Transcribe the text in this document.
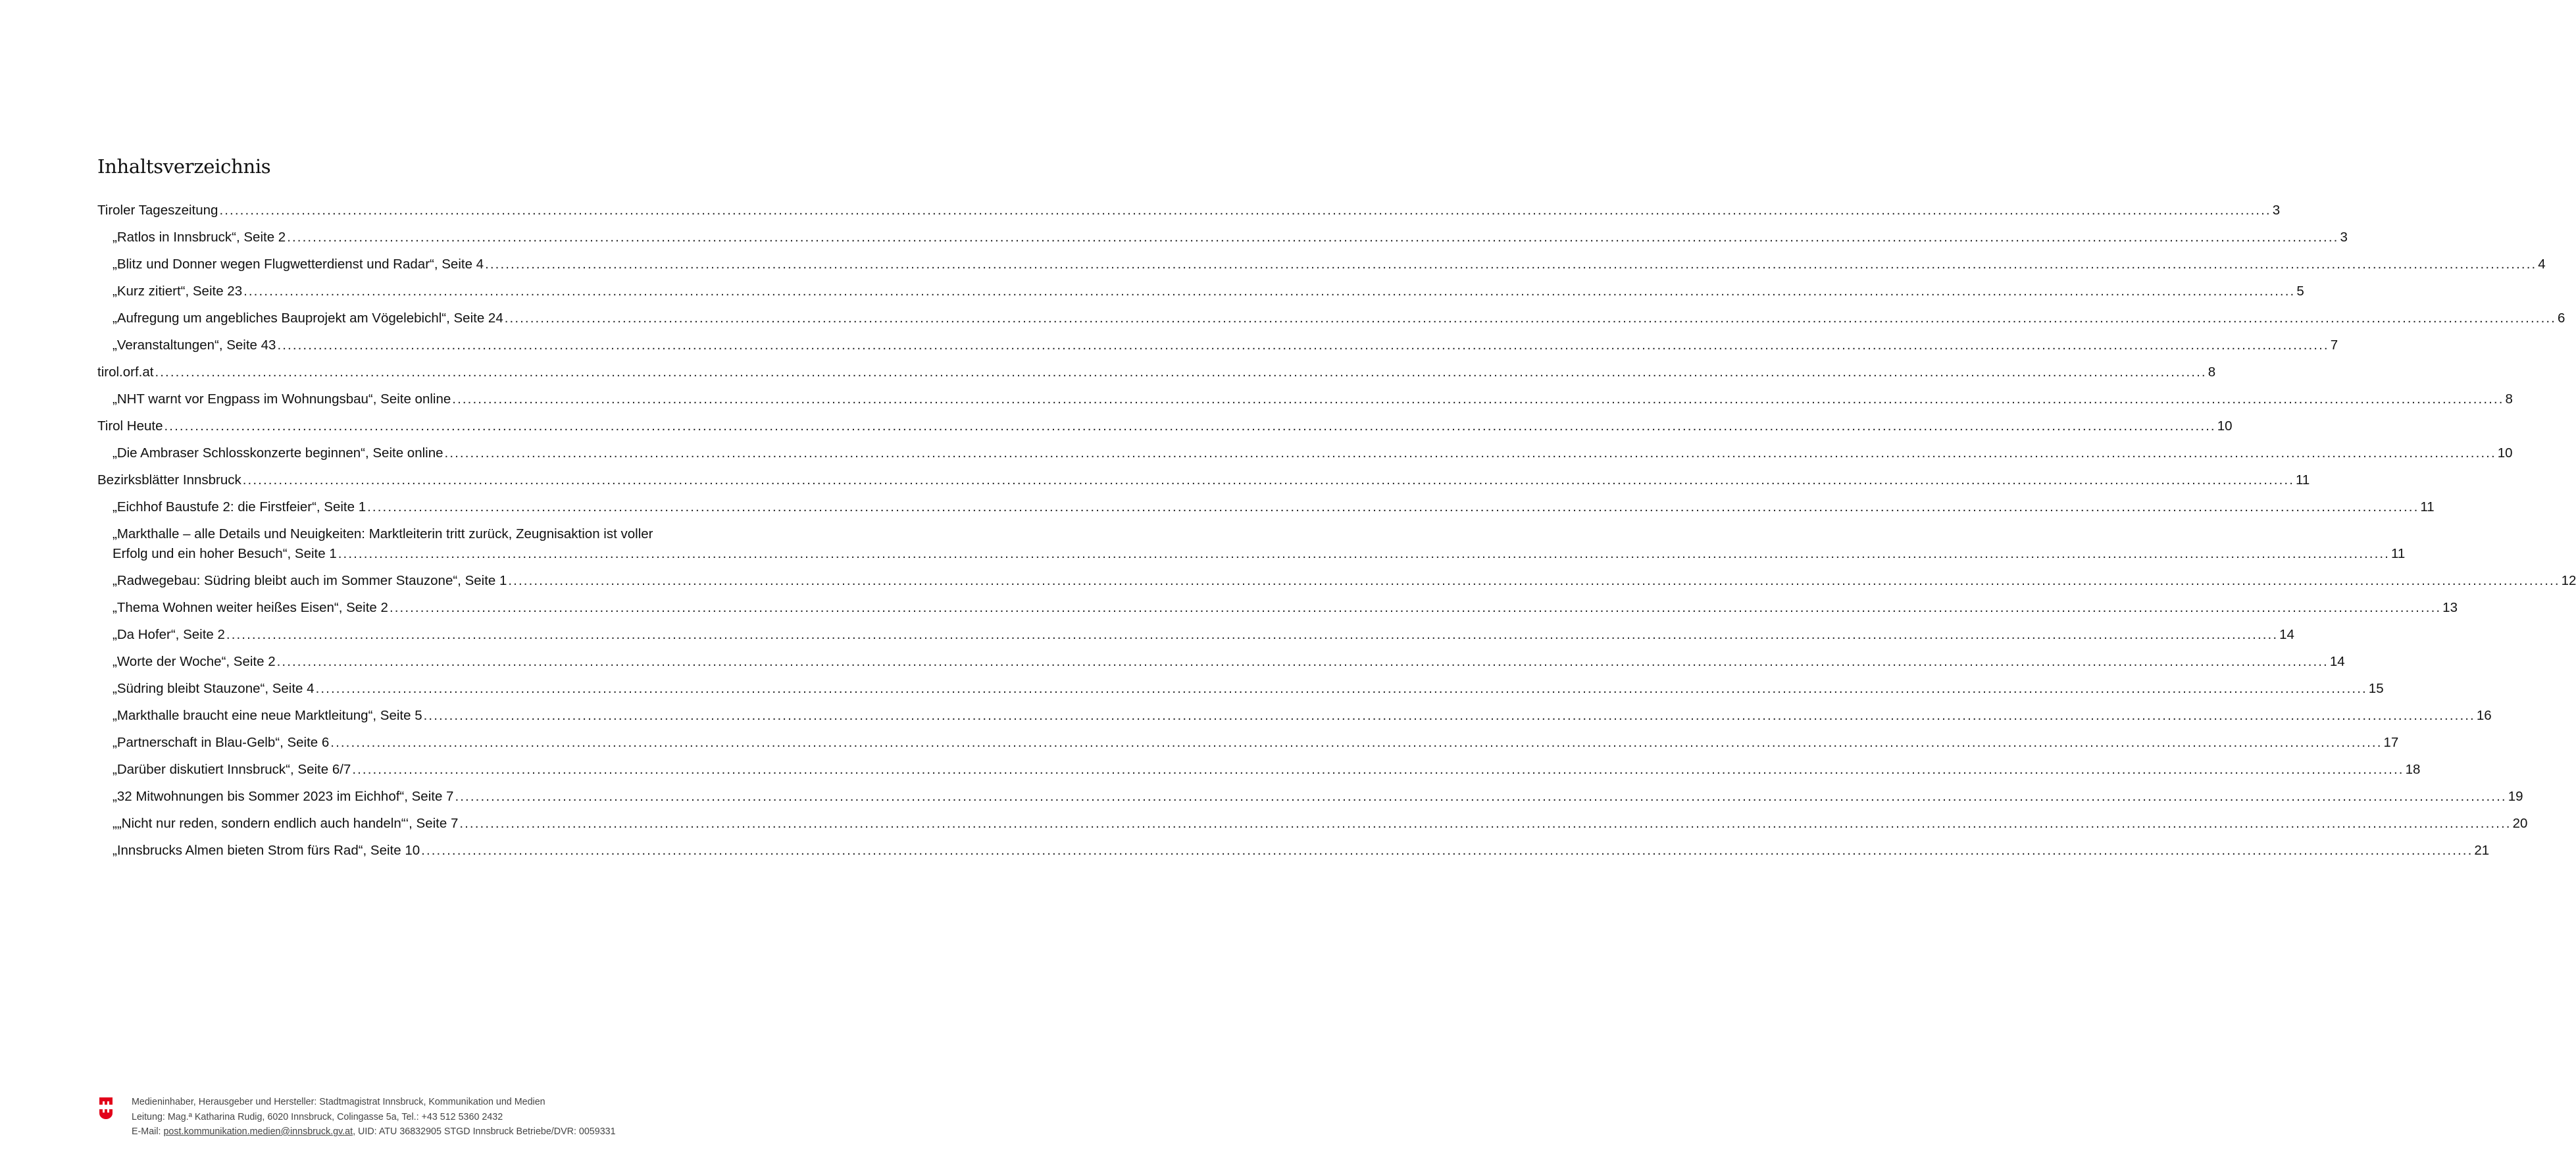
Inhaltsverzeichnis
Tiroler Tageszeitung ................................................................................................................................................................................................................................................................................................................................................................................................................ 3
„Ratlos in Innsbruck“, Seite 2 ................................................................................................................................................................................................................................................................................................................................................................................................................ 3
„Blitz und Donner wegen Flugwetterdienst und Radar“, Seite 4 ................................................................................................................................................................................................................................................................................................................................................................................................................ 4
„Kurz zitiert“, Seite 23 ................................................................................................................................................................................................................................................................................................................................................................................................................ 5
„Aufregung um angebliches Bauprojekt am Vögelebichl“, Seite 24 ................................................................................................................................................................................................................................................................................................................................................................................................................ 6
„Veranstaltungen“, Seite 43 ................................................................................................................................................................................................................................................................................................................................................................................................................ 7
tirol.orf.at ................................................................................................................................................................................................................................................................................................................................................................................................................ 8
„NHT warnt vor Engpass im Wohnungsbau“, Seite online ................................................................................................................................................................................................................................................................................................................................................................................................................ 8
Tirol Heute ................................................................................................................................................................................................................................................................................................................................................................................................................ 10
„Die Ambraser Schlosskonzerte beginnen“, Seite online ................................................................................................................................................................................................................................................................................................................................................................................................................ 10
Bezirksblätter Innsbruck ................................................................................................................................................................................................................................................................................................................................................................................................................ 11
„Eichhof Baustufe 2: die Firstfeier“, Seite 1 ................................................................................................................................................................................................................................................................................................................................................................................................................ 11
„Markthalle – alle Details und Neuigkeiten: Marktleiterin tritt zurück, Zeugnisaktion ist voller
Erfolg und ein hoher Besuch“, Seite 1 ................................................................................................................................................................................................................................................................................................................................................................................................................ 11
„Radwegebau: Südring bleibt auch im Sommer Stauzone“, Seite 1 ................................................................................................................................................................................................................................................................................................................................................................................................................ 12
„Thema Wohnen weiter heißes Eisen“, Seite 2 ................................................................................................................................................................................................................................................................................................................................................................................................................ 13
„Da Hofer“, Seite 2 ................................................................................................................................................................................................................................................................................................................................................................................................................ 14
„Worte der Woche“, Seite 2 ................................................................................................................................................................................................................................................................................................................................................................................................................ 14
„Südring bleibt Stauzone“, Seite 4 ................................................................................................................................................................................................................................................................................................................................................................................................................ 15
„Markthalle braucht eine neue Marktleitung“, Seite 5 ................................................................................................................................................................................................................................................................................................................................................................................................................ 16
„Partnerschaft in Blau-Gelb“, Seite 6 ................................................................................................................................................................................................................................................................................................................................................................................................................ 17
„Darüber diskutiert Innsbruck“, Seite 6/7 ................................................................................................................................................................................................................................................................................................................................................................................................................ 18
„32 Mitwohnungen bis Sommer 2023 im Eichhof“, Seite 7 ................................................................................................................................................................................................................................................................................................................................................................................................................ 19
„„Nicht nur reden, sondern endlich auch handeln“‘, Seite 7 ................................................................................................................................................................................................................................................................................................................................................................................................................ 20
„Innsbrucks Almen bieten Strom fürs Rad“, Seite 10 ................................................................................................................................................................................................................................................................................................................................................................................................................ 21
Medieninhaber, Herausgeber und Hersteller: Stadtmagistrat Innsbruck, Kommunikation und Medien
Leitung: Mag.ª Katharina Rudig, 6020 Innsbruck, Colingasse 5a, Tel.: +43 512 5360 2432
E-Mail: post.kommunikation.medien@innsbruck.gv.at, UID: ATU 36832905 STGD Innsbruck Betriebe/DVR: 0059331
